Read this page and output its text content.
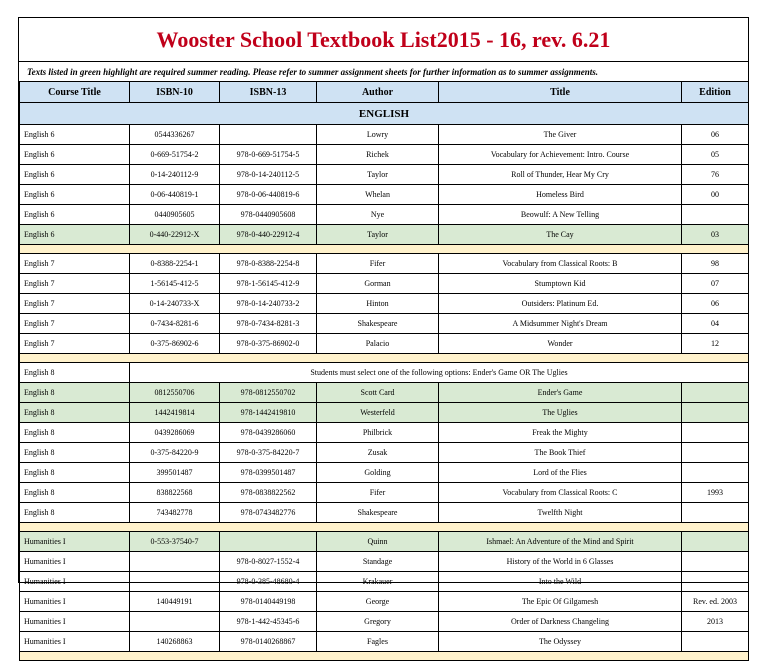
Wooster School Textbook List2015 - 16, rev. 6.21
Texts listed in green highlight are required summer reading. Please refer to summer assignment sheets for further information as to summer assignments.
Course Title	ISBN-10	ISBN-13	Author	Title	Edition
ENGLISH					
English 6	0544336267		Lowry	The Giver	06
English 6	0-669-51754-2	978-0-669-51754-5	Richek	Vocabulary for Achievement: Intro. Course	05
English 6	0-14-240112-9	978-0-14-240112-5	Taylor	Roll of Thunder, Hear My Cry	76
English 6	0-06-440819-1	978-0-06-440819-6	Whelan	Homeless Bird	00
English 6	0440905605	978-0440905608	Nye	Beowulf: A New Telling	
English 6	0-440-22912-X	978-0-440-22912-4	Taylor	The Cay	03

English 7	0-8388-2254-1	978-0-8388-2254-8	Fifer	Vocabulary from Classical Roots: B	98
English 7	1-56145-412-5	978-1-56145-412-9	Gorman	Stumptown Kid	07
English 7	0-14-240733-X	978-0-14-240733-2	Hinton	Outsiders: Platinum Ed.	06
English 7	0-7434-8281-6	978-0-7434-8281-3	Shakespeare	A Midsummer Night's Dream	04
English 7	0-375-86902-6	978-0-375-86902-0	Palacio	Wonder	12

English 8	Students must select one of the following options: Ender's Game OR The Uglies				
English 8	0812550706	978-0812550702	Scott Card	Ender's Game	
English 8	1442419814	978-1442419810	Westerfeld	The Uglies	
English 8	0439286069	978-0439286060	Philbrick	Freak the Mighty	
English 8	0-375-84220-9	978-0-375-84220-7	Zusak	The Book Thief	
English 8	399501487	978-0399501487	Golding	Lord of the Flies	
English 8	838822568	978-0838822562	Fifer	Vocabulary from Classical Roots: C	1993
English 8	743482778	978-0743482776	Shakespeare	Twelfth Night	

Humanities I	0-553-37540-7		Quinn	Ishmael: An Adventure of the Mind and Spirit	
Humanities I		978-0-8027-1552-4	Standage	History of the World in 6 Glasses	
Humanities I		978-0-385-48680-4	Krakauer	Into the Wild	
Humanities I	140449191	978-0140449198	George	The Epic Of Gilgamesh	Rev. ed. 2003
Humanities I		978-1-442-45345-6	Gregory	Order of Darkness Changeling	2013
Humanities I	140268863	978-0140268867	Fagles	The Odyssey	
